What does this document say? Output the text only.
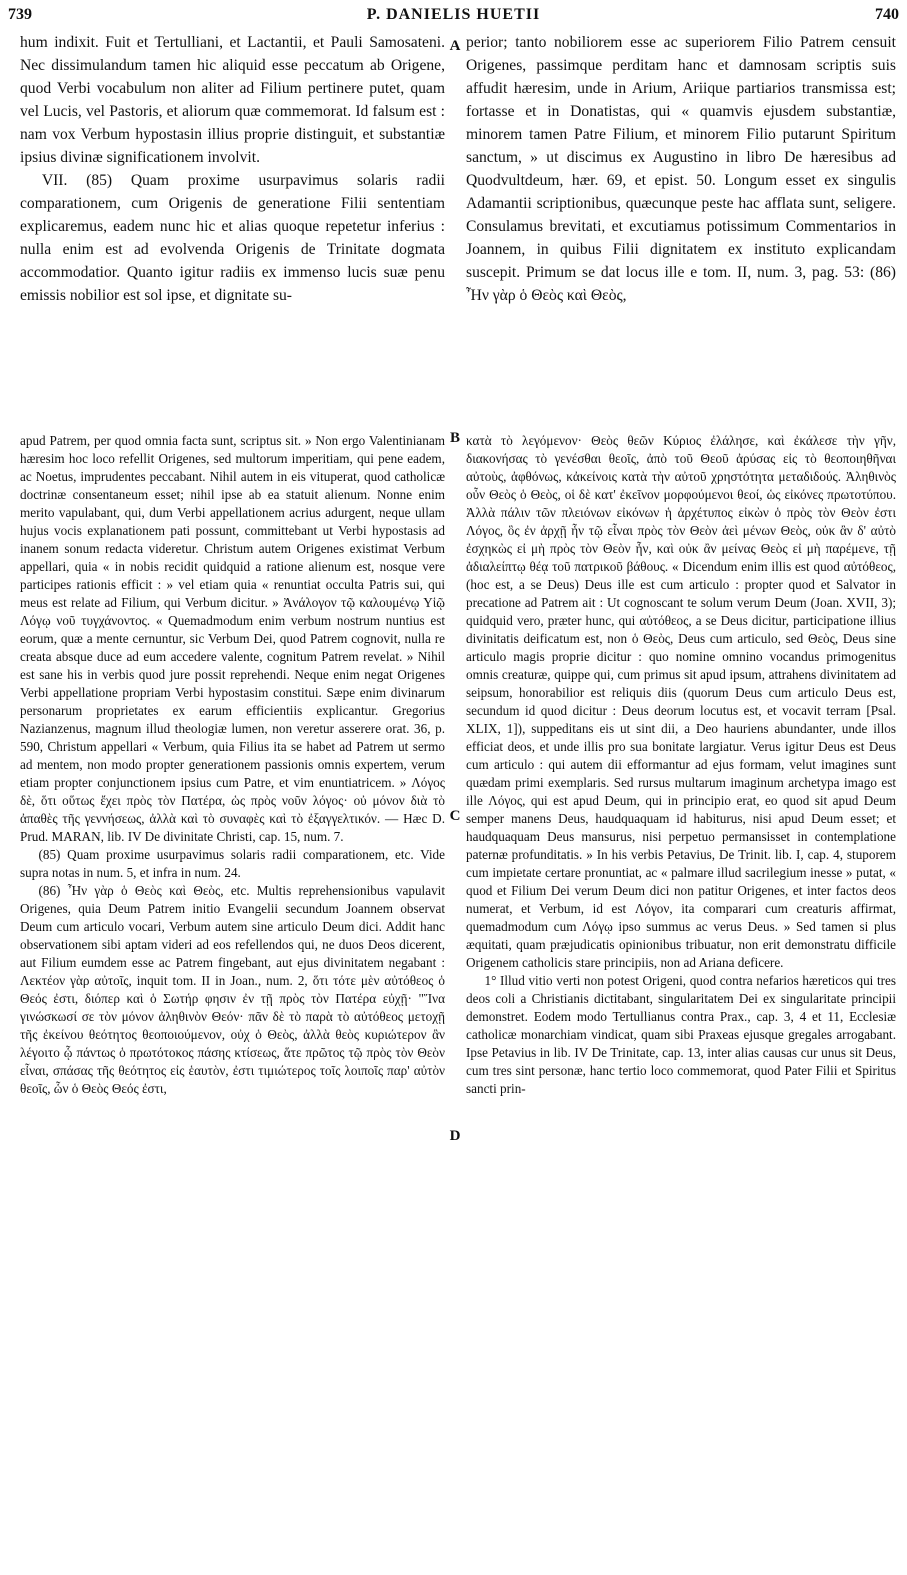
739	P. DANIELIS HUETII	740

hum indixit. Fuit et Tertulliani, et Lactantii, et Pauli Samosateni. Nec dissimulandum tamen hic aliquid esse peccatum ab Origene, quod Verbi vocabulum non aliter ad Filium pertinere putet, quam vel Lucis, vel Pastoris, et aliorum quæ commemorat. Id falsum est : nam vox Verbum hypostasin illius proprie distinguit, et substantiæ ipsius divinæ significationem involvit.

VII. (85) Quam proxime usurpavimus solaris radii comparationem, cum Origenis de generatione Filii sententiam explicaremus, eadem nunc hic et alias quoque repetetur inferius : nulla enim est ad evolvenda Origenis de Trinitate dogmata accommodatior. Quanto igitur radiis ex immenso lucis suæ penu emissis nobilior est sol ipse, et dignitate su-

perior; tanto nobiliorem esse ac superiorem Filio Patrem censuit Origenes, passimque perditam hanc et damnosam scriptis suis affudit hæresim, unde in Arium, Ariique partiarios transmissa est; fortasse et in Donatistas, qui « quamvis ejusdem substantiæ, minorem tamen Patre Filium, et minorem Filio putarunt Spiritum sanctum, » ut discimus ex Augustino in libro De hæresibus ad Quodvultdeum, hær. 69, et epist. 50. Longum esset ex singulis Adamantii scriptionibus, quæcunque peste hac afflata sunt, seligere. Consulamus brevitati, et excutiamus potissimum Commentarios in Joannem, in quibus Filii dignitatem ex instituto explicandam suscepit. Primum se dat locus ille e tom. II, num. 3, pag. 53: (86) Ἦν γὰρ ὁ Θεὸς καὶ Θεὸς,

apud Patrem, per quod omnia facta sunt, scriptus sit. » Non ergo Valentinianam hæresim hoc loco refellit Origenes, sed multorum imperitiam, qui pene eadem, ac Noetus, imprudentes peccabant. Nihil autem in eis vituperat, quod catholicæ doctrinæ consentaneum esset; nihil ipse ab ea statuit alienum. Nonne enim merito vapulabant, qui, dum Verbi appellationem acrius adurgent, neque ullam hujus vocis explanationem pati possunt, committebant ut Verbi hypostasis ad inanem sonum redacta videretur. Christum autem Origenes existimat Verbum appellari, quia « in nobis recidit quidquid a ratione alienum est, nosque vere participes rationis efficit : » vel etiam quia « renuntiat occulta Patris sui, qui meus est relate ad Filium, qui Verbum dicitur. » Ἀνάλογον τῷ καλουμένῳ Υἱῷ Λόγῳ νοῦ τυγχάνοντος. « Quemadmodum enim verbum nostrum nuntius est eorum, quæ a mente cernuntur, sic Verbum Dei, quod Patrem cognovit, nulla re creata absque duce ad eum accedere valente, cognitum Patrem revelat. » Nihil est sane his in verbis quod jure possit reprehendi. Neque enim negat Origenes Verbi appellatione propriam Verbi hypostasim constitui. Sæpe enim divinarum personarum proprietates ex earum efficientiis explicantur. Gregorius Nazianzenus, magnum illud theologiæ lumen, non veretur asserere orat. 36, p. 590, Christum appellari « Verbum, quia Filius ita se habet ad Patrem ut sermo ad mentem, non modo propter generationem passionis omnis expertem, verum etiam propter conjunctionem ipsius cum Patre, et vim enuntiatricem. » Λόγος δὲ, ὅτι οὕτως ἔχει πρὸς τὸν Πατέρα, ὡς πρὸς νοῦν λόγος· οὐ μόνον διὰ τὸ ἀπαθὲς τῆς γεννήσεως, ἀλλὰ καὶ τὸ συναφὲς καὶ τὸ ἐξαγγελτικόν. — Hæc D. Prud. MARAN, lib. IV De divinitate Christi, cap. 15, num. 7.

(85) Quam proxime usurpavimus solaris radii comparationem, etc. Vide supra notas in num. 5, et infra in num. 24.

(86) Ἦν γὰρ ὁ Θεὸς καὶ Θεὸς, etc. Multis reprehensionibus vapulavit Origenes, quia Deum Patrem initio Evangelii secundum Joannem observat Deum cum articulo vocari, Verbum autem sine articulo Deum dici. Addit hanc observationem sibi aptam videri ad eos refellendos qui, ne duos Deos dicerent, aut Filium eumdem esse ac Patrem fingebant, aut ejus divinitatem negabant : Λεκτέον γὰρ αὐτοῖς, inquit tom. II in Joan., num. 2, ὅτι τότε μὲν αὐτόθεος ὁ Θεός ἐστι, διόπερ καὶ ὁ Σωτήρ φησιν ἐν τῇ πρὸς τὸν Πατέρα εὐχῇ· "Ἵνα γινώσκωσί σε τὸν μόνον ἀληθινὸν Θεόν· πᾶν δὲ τὸ παρὰ τὸ αὐτόθεος μετοχῇ τῆς ἐκείνου θεότητος θεοποιούμενον, οὐχ ὁ Θεὸς, ἀλλὰ θεὸς κυριώτερον ἂν λέγοιτο ᾧ πάντως ὁ πρωτότοκος πάσης κτίσεως, ἅτε πρῶτος τῷ πρὸς τὸν Θεὸν εἶναι, σπάσας τῆς θεότητος εἰς ἑαυτὸν, ἐστι τιμιώτερος τοῖς λοιποῖς παρ' αὐτὸν θεοῖς, ὧν ὁ Θεὸς Θεός ἐστι,

κατὰ τὸ λεγόμενον· Θεὸς θεῶν Κύριος ἐλάλησε, καὶ ἐκάλεσε τὴν γῆν, διακονήσας τὸ γενέσθαι θεοῖς, ἀπὸ τοῦ Θεοῦ ἀρύσας εἰς τὸ θεοποιηθῆναι αὐτοὺς, ἀφθόνως, κἀκείνοις κατὰ τὴν αὐτοῦ χρηστότητα μεταδιδούς. Ἀληθινὸς οὖν Θεὸς ὁ Θεὸς, οἱ δὲ κατ' ἐκεῖνον μορφούμενοι θεοί, ὡς εἰκόνες πρωτοτύπου. Ἀλλὰ πάλιν τῶν πλειόνων εἰκόνων ἡ ἀρχέτυπος εἰκὼν ὁ πρὸς τὸν Θεὸν ἐστι Λόγος, ὃς ἐν ἀρχῇ ἦν τῷ εἶναι πρὸς τὸν Θεὸν ἀεὶ μένων Θεὸς, οὐκ ἂν δ' αὐτὸ ἐσχηκὼς εἰ μὴ πρὸς τὸν Θεὸν ἦν, καὶ οὐκ ἂν μείνας Θεὸς εἰ μὴ παρέμενε, τῇ ἀδιαλείπτῳ θέᾳ τοῦ πατρικοῦ βάθους. « Dicendum enim illis est quod αὐτόθεος, (hoc est, a se Deus) Deus ille est cum articulo : propter quod et Salvator in precatione ad Patrem ait : Ut cognoscant te solum verum Deum (Joan. XVII, 3); quidquid vero, præter hunc, qui αὐτόθεος, a se Deus dicitur, participatione illius divinitatis deificatum est, non ὁ Θεὸς, Deus cum articulo, sed Θεὸς, Deus sine articulo magis proprie dicitur : quo nomine omnino vocandus primogenitus omnis creaturæ, quippe qui, cum primus sit apud ipsum, attrahens divinitatem ad seipsum, honorabilior est reliquis diis (quorum Deus cum articulo Deus est, secundum id quod dicitur : Deus deorum locutus est, et vocavit terram [Psal. XLIX, 1]), suppeditans eis ut sint dii, a Deo hauriens abundanter, unde illos efficiat deos, et unde illis pro sua bonitate largiatur. Verus igitur Deus est Deus cum articulo : qui autem dii efformantur ad ejus formam, velut imagines sunt quædam primi exemplaris. Sed rursus multarum imaginum archetypa imago est ille Λόγος, qui est apud Deum, qui in principio erat, eo quod sit apud Deum semper manens Deus, haudquaquam id habiturus, nisi apud Deum esset; et haudquaquam Deus mansurus, nisi perpetuo permansisset in contemplatione paternæ profunditatis. » In his verbis Petavius, De Trinit. lib. I, cap. 4, stuporem cum impietate certare pronuntiat, ac « palmare illud sacrilegium inesse » putat, « quod et Filium Dei verum Deum dici non patitur Origenes, et inter factos deos numerat, et Verbum, id est Λόγον, ita comparari cum creaturis affirmat, quemadmodum cum Λόγῳ ipso summus ac verus Deus. » Sed tamen si plus æquitati, quam præjudicatis opinionibus tribuatur, non erit demonstratu difficile Origenem catholicis stare principiis, non ad Ariana deficere.

1° Illud vitio verti non potest Origeni, quod contra nefarios hæreticos qui tres deos coli a Christianis dictitabant, singularitatem Dei ex singularitate principii demonstret. Eodem modo Tertullianus contra Prax., cap. 3, 4 et 11, Ecclesiæ catholicæ monarchiam vindicat, quam sibi Praxeas ejusque gregales arrogabant. Ipse Petavius in lib. IV De Trinitate, cap. 13, inter alias causas cur unus sit Deus, cum tres sint personæ, hanc tertio loco commemorat, quod Pater Filii et Spiritus sancti prin-

A
B
C
D
